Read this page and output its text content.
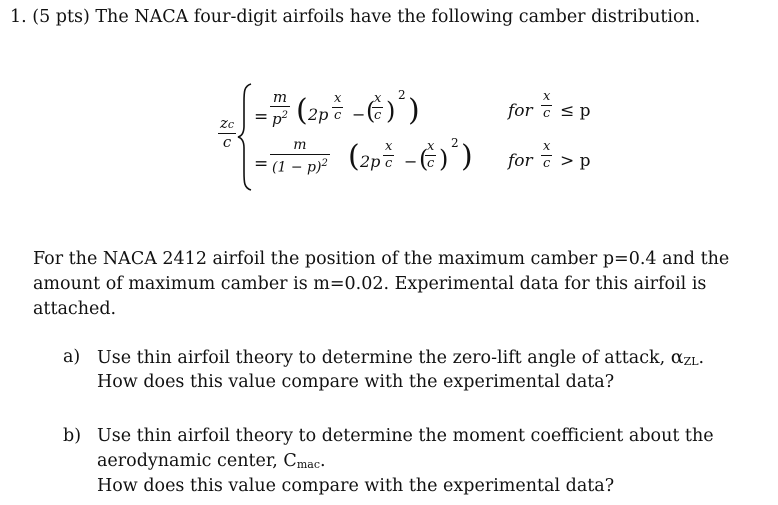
1. (5 pts) The NACA four-digit airfoils have the following camber distribution.
zc
c
=
m
$p^2$ ( 2p
x
c − (
x
c )
2 )	for
x
c ≤ p
=
m
$(1 - p)^2$ ( 2p
x
c − (
x
c )
2 ) for
x
c > p
For the NACA 2412 airfoil the position of the maximum camber p=0.4 and the
amount of maximum camber is m=0.02. Experimental data for this airfoil is
attached.
a) Use thin airfoil theory to determine the zero-lift angle of attack, αZL.
How does this value compare with the experimental data?
b) Use thin airfoil theory to determine the moment coefficient about the
aerodynamic center, Cmac.
How does this value compare with the experimental data?
